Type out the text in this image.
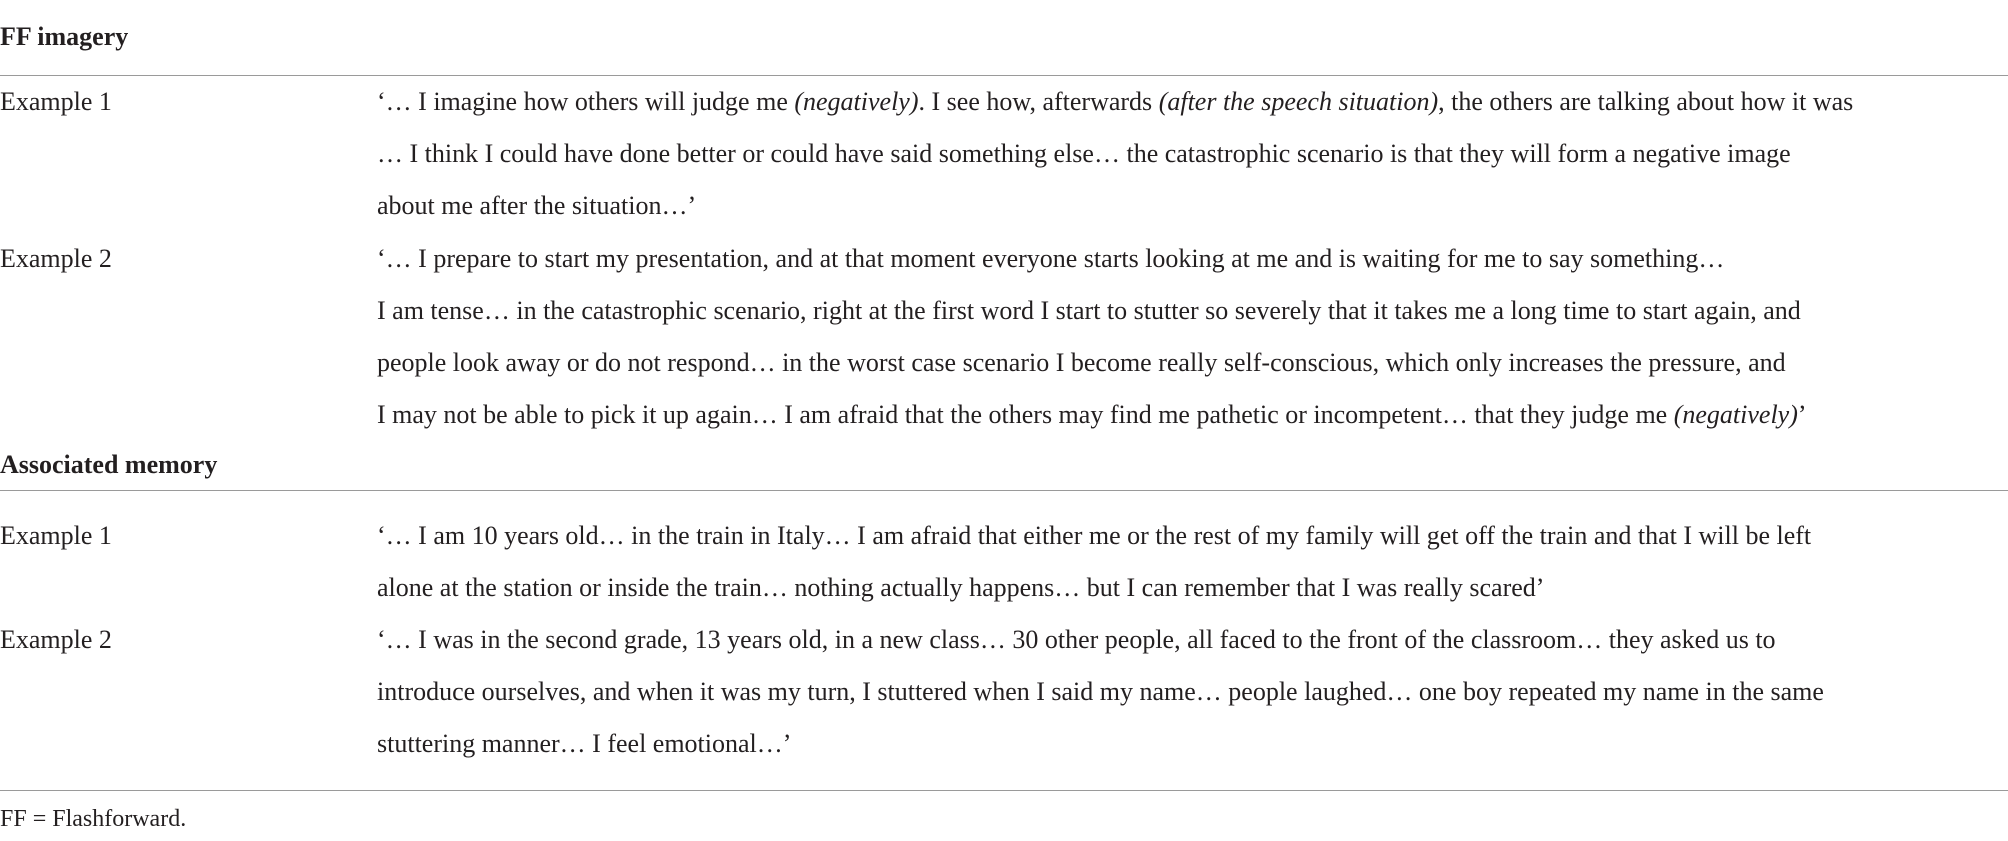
FF imagery
Example 1	‘… I imagine how others will judge me (negatively). I see how, afterwards (after the speech situation), the others are talking about how it was
… I think I could have done better or could have said something else… the catastrophic scenario is that they will form a negative image
about me after the situation…’
Example 2	‘… I prepare to start my presentation, and at that moment everyone starts looking at me and is waiting for me to say something…
I am tense… in the catastrophic scenario, right at the first word I start to stutter so severely that it takes me a long time to start again, and
people look away or do not respond… in the worst case scenario I become really self-conscious, which only increases the pressure, and
I may not be able to pick it up again… I am afraid that the others may find me pathetic or incompetent… that they judge me (negatively)’
Associated memory
Example 1	‘… I am 10 years old… in the train in Italy… I am afraid that either me or the rest of my family will get off the train and that I will be left
alone at the station or inside the train… nothing actually happens… but I can remember that I was really scared’
Example 2	‘… I was in the second grade, 13 years old, in a new class… 30 other people, all faced to the front of the classroom… they asked us to
introduce ourselves, and when it was my turn, I stuttered when I said my name… people laughed… one boy repeated my name in the same
stuttering manner… I feel emotional…’
FF = Flashforward.
